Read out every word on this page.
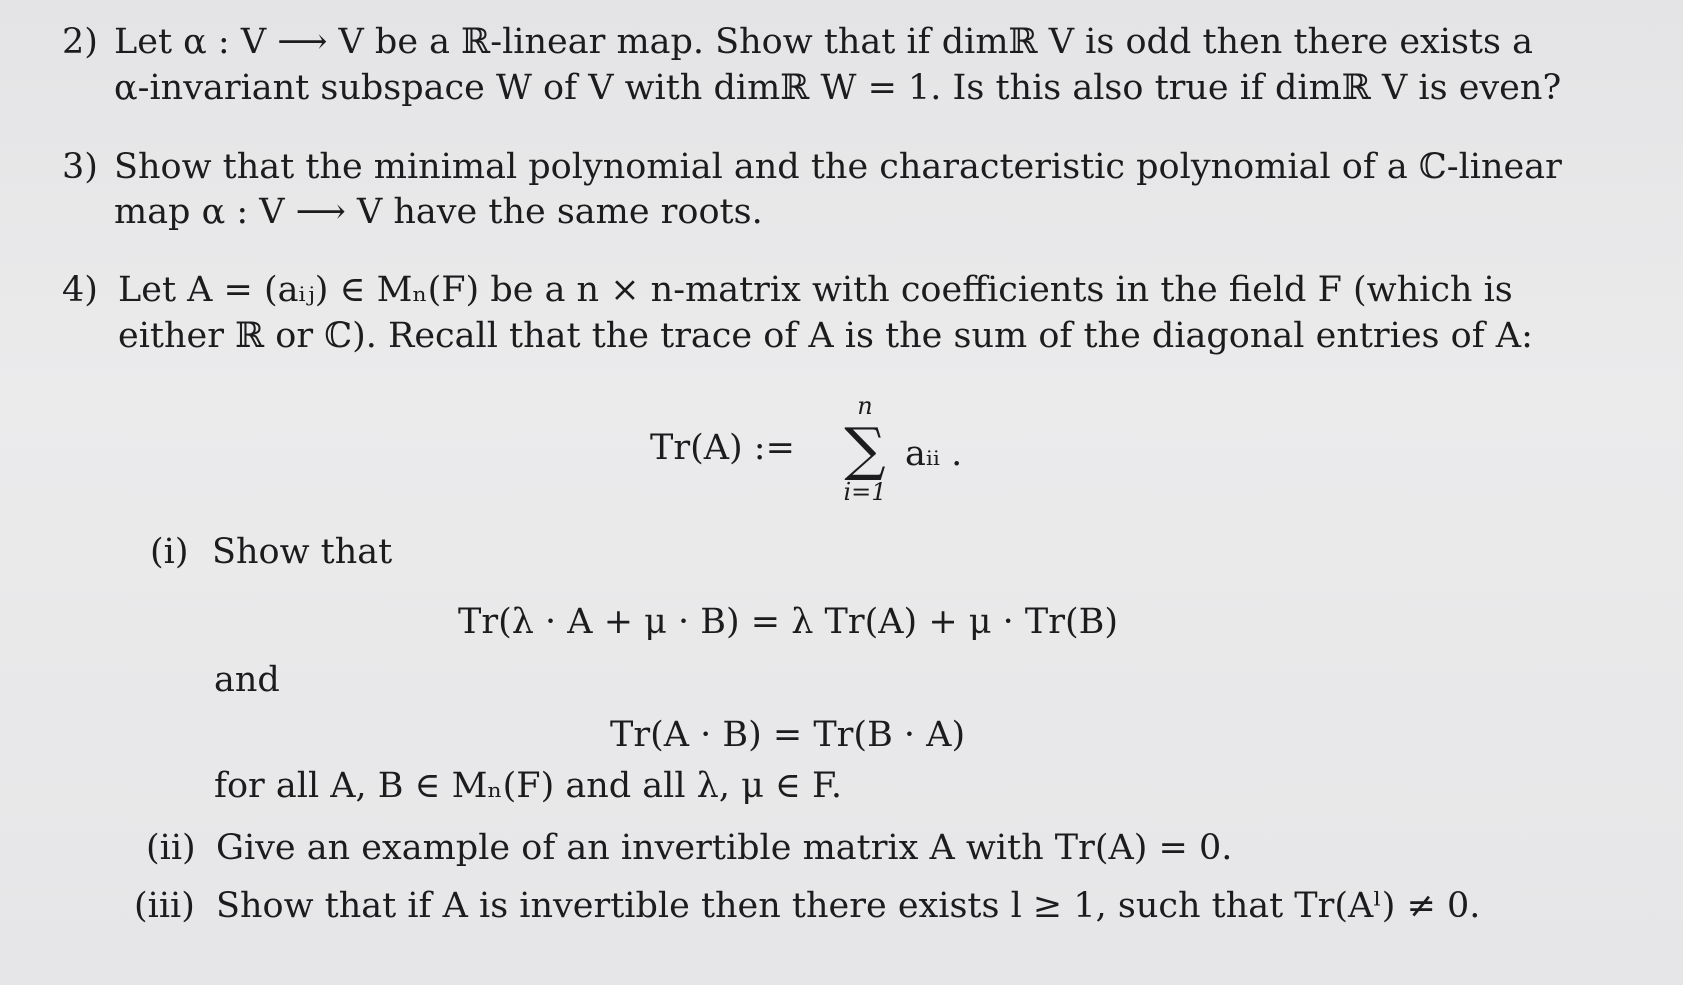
2) Let α : V ⟶ V be a ℝ-linear map. Show that if dimℝ V is odd then there exists a
α-invariant subspace W of V with dimℝ W = 1. Is this also true if dimℝ V is even?
3) Show that the minimal polynomial and the characteristic polynomial of a ℂ-linear
map α : V ⟶ V have the same roots.
4) Let A = (aᵢⱼ) ∈ Mₙ(F) be a n × n-matrix with coefficients in the field F (which is
either ℝ or ℂ). Recall that the trace of A is the sum of the diagonal entries of A:
Tr(A) :=
n
∑
i=1
aᵢᵢ .
(i) Show that
Tr(λ · A + μ · B) = λ Tr(A) + μ · Tr(B)
and
Tr(A · B) = Tr(B · A)
for all A, B ∈ Mₙ(F) and all λ, μ ∈ F.
(ii) Give an example of an invertible matrix A with Tr(A) = 0.
(iii) Show that if A is invertible then there exists l ≥ 1, such that Tr(Aˡ) ≠ 0.
